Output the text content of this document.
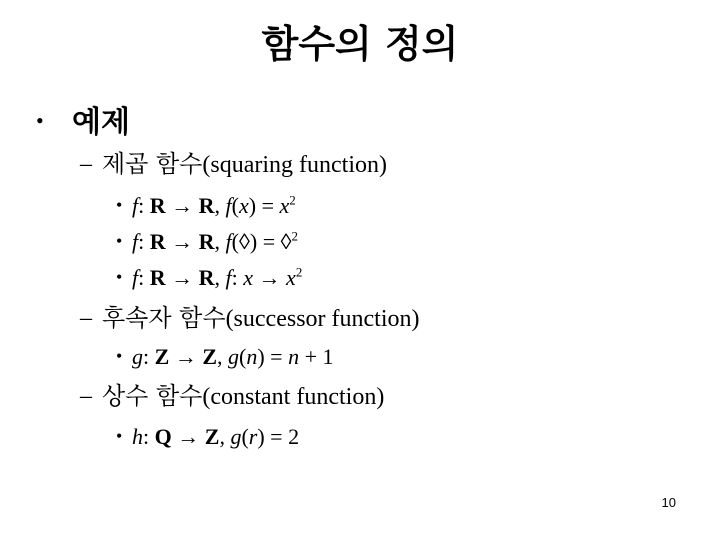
함수의 정의
• 예제
– 제곱 함수(squaring function)
• f: R → R, $f(x) = x^2$
• f: R → R, f(◊) = ◊$^2$
• f: R → R, f: $x \to x^2$
– 후속자 함수(successor function)
• g: Z → Z, g(n) = n + 1
– 상수 함수(constant function)
• h: Q → Z, g(r) = 2
10
